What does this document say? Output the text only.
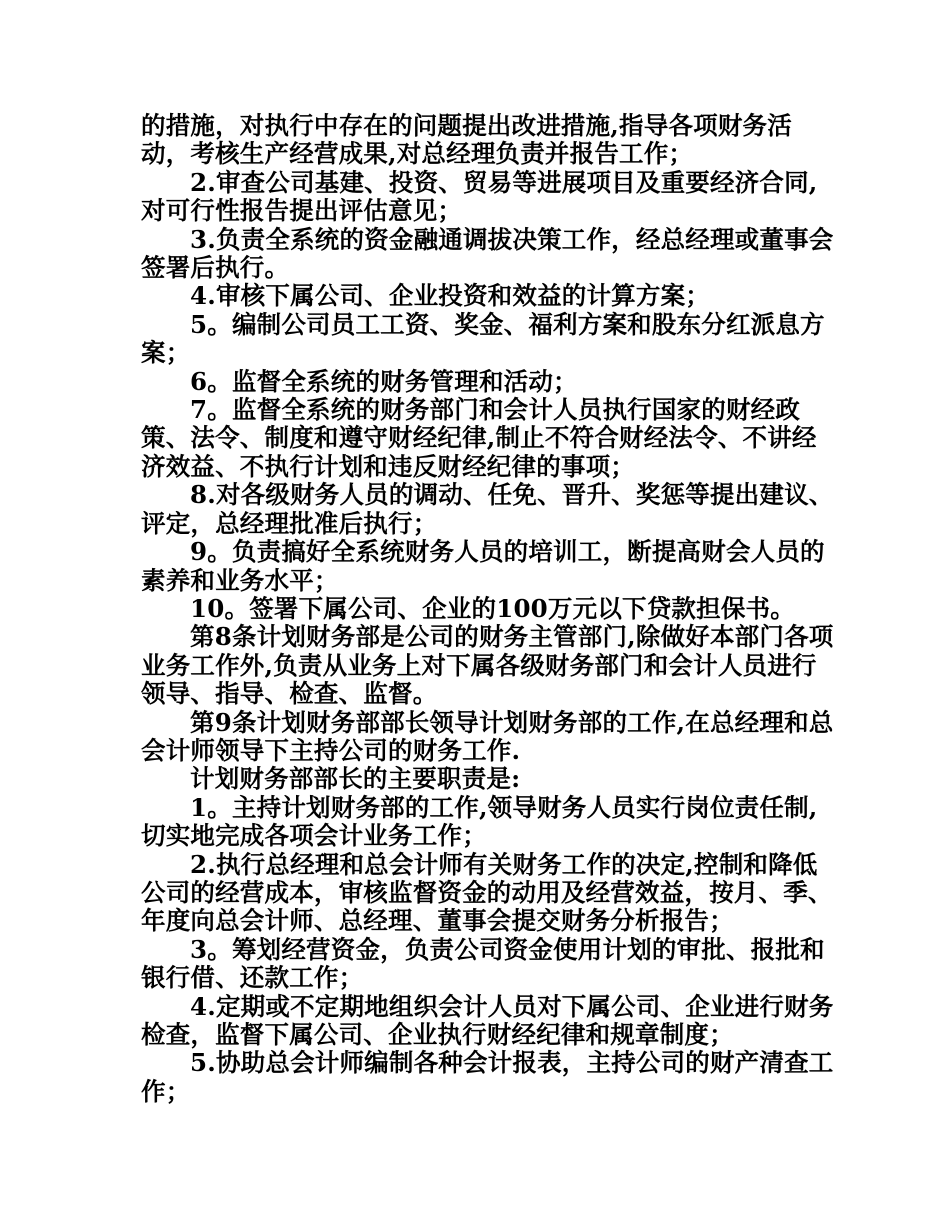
的措施，对执行中存在的问题提出改进措施,指导各项财务活动，考核生产经营成果,对总经理负责并报告工作；

2.审查公司基建、投资、贸易等进展项目及重要经济合同,对可行性报告提出评估意见；

3.负责全系统的资金融通调拔决策工作，经总经理或董事会签署后执行。

4.审核下属公司、企业投资和效益的计算方案；

5。编制公司员工工资、奖金、福利方案和股东分红派息方案；

6。监督全系统的财务管理和活动；

7。监督全系统的财务部门和会计人员执行国家的财经政策、法令、制度和遵守财经纪律,制止不符合财经法令、不讲经济效益、不执行计划和违反财经纪律的事项；

8.对各级财务人员的调动、任免、晋升、奖惩等提出建议、评定，总经理批准后执行；

9。负责搞好全系统财务人员的培训工，断提高财会人员的素养和业务水平；

10。签署下属公司、企业的100万元以下贷款担保书。

第8条计划财务部是公司的财务主管部门,除做好本部门各项业务工作外,负责从业务上对下属各级财务部门和会计人员进行领导、指导、检查、监督。

第9条计划财务部部长领导计划财务部的工作,在总经理和总会计师领导下主持公司的财务工作.

计划财务部部长的主要职责是:

1。主持计划财务部的工作,领导财务人员实行岗位责任制,切实地完成各项会计业务工作；

2.执行总经理和总会计师有关财务工作的决定,控制和降低公司的经营成本，审核监督资金的动用及经营效益，按月、季、年度向总会计师、总经理、董事会提交财务分析报告；

3。筹划经营资金，负责公司资金使用计划的审批、报批和银行借、还款工作；

4.定期或不定期地组织会计人员对下属公司、企业进行财务检查，监督下属公司、企业执行财经纪律和规章制度；

5.协助总会计师编制各种会计报表，主持公司的财产清查工作；
